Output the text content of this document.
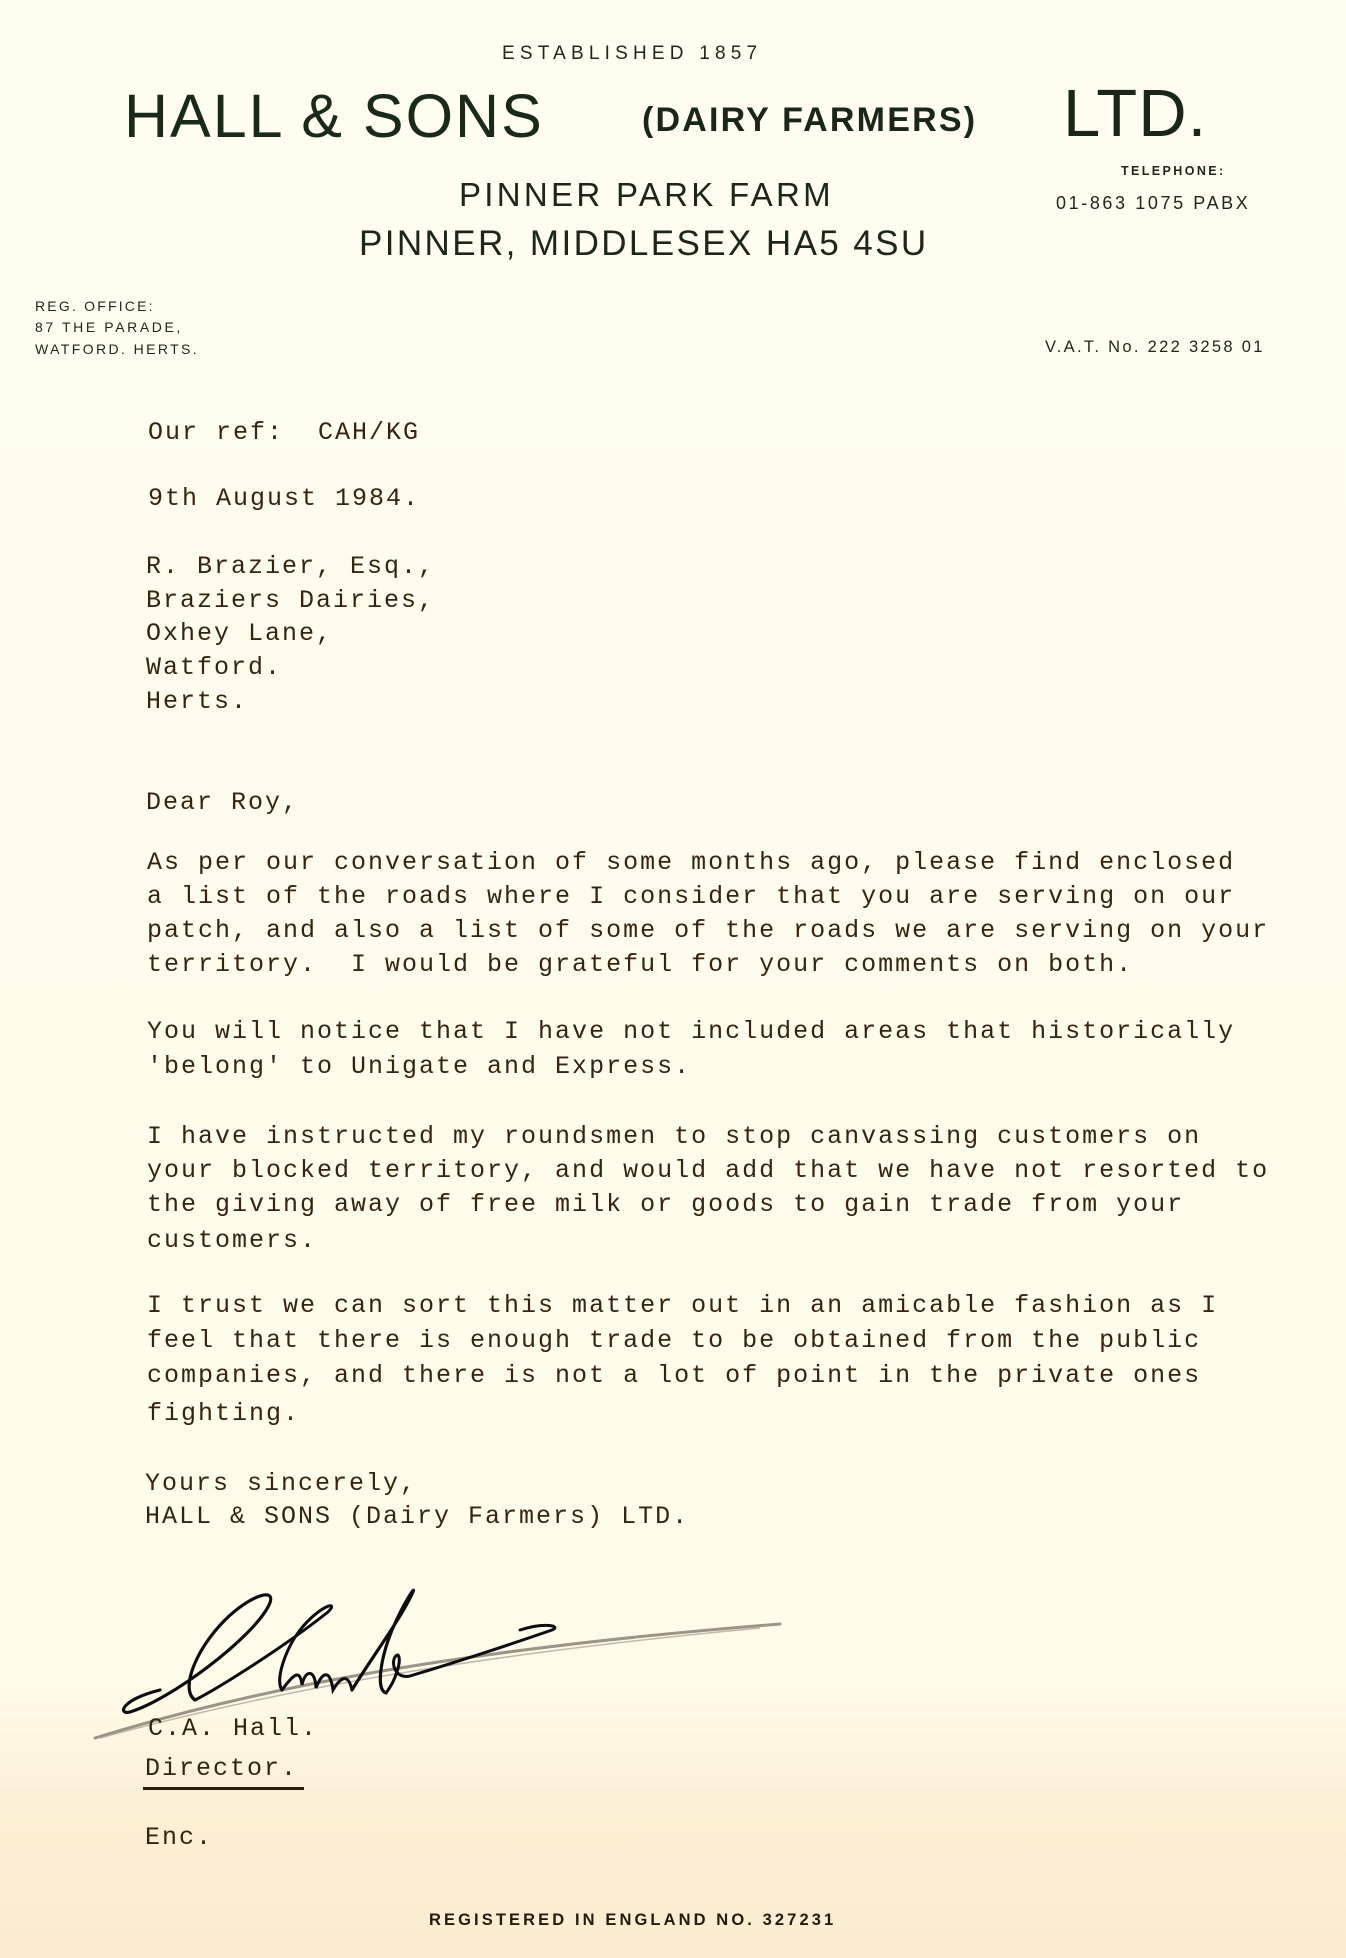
ESTABLISHED 1857
HALL & SONS	(DAIRY FARMERS) LTD.
PINNER PARK FARM
PINNER, MIDDLESEX HA5 4SU
TELEPHONE:
01-863 1075 PABX
REG. OFFICE:
87 THE PARADE,
WATFORD. HERTS.	V.A.T. No. 222 3258 01
Our ref:  CAH/KG
9th August 1984.
R. Brazier, Esq.,
Braziers Dairies,
Oxhey Lane,
Watford.
Herts.
Dear Roy,
As per our conversation of some months ago, please find enclosed
a list of the roads where I consider that you are serving on our
patch, and also a list of some of the roads we are serving on your
territory.  I would be grateful for your comments on both.
You will notice that I have not included areas that historically
'belong' to Unigate and Express.
I have instructed my roundsmen to stop canvassing customers on
your blocked territory, and would add that we have not resorted to
the giving away of free milk or goods to gain trade from your
customers.
I trust we can sort this matter out in an amicable fashion as I
feel that there is enough trade to be obtained from the public
companies, and there is not a lot of point in the private ones
fighting.
Yours sincerely,
HALL & SONS (Dairy Farmers) LTD.
C.A. Hall.
Director.
Enc.
REGISTERED IN ENGLAND NO. 327231
